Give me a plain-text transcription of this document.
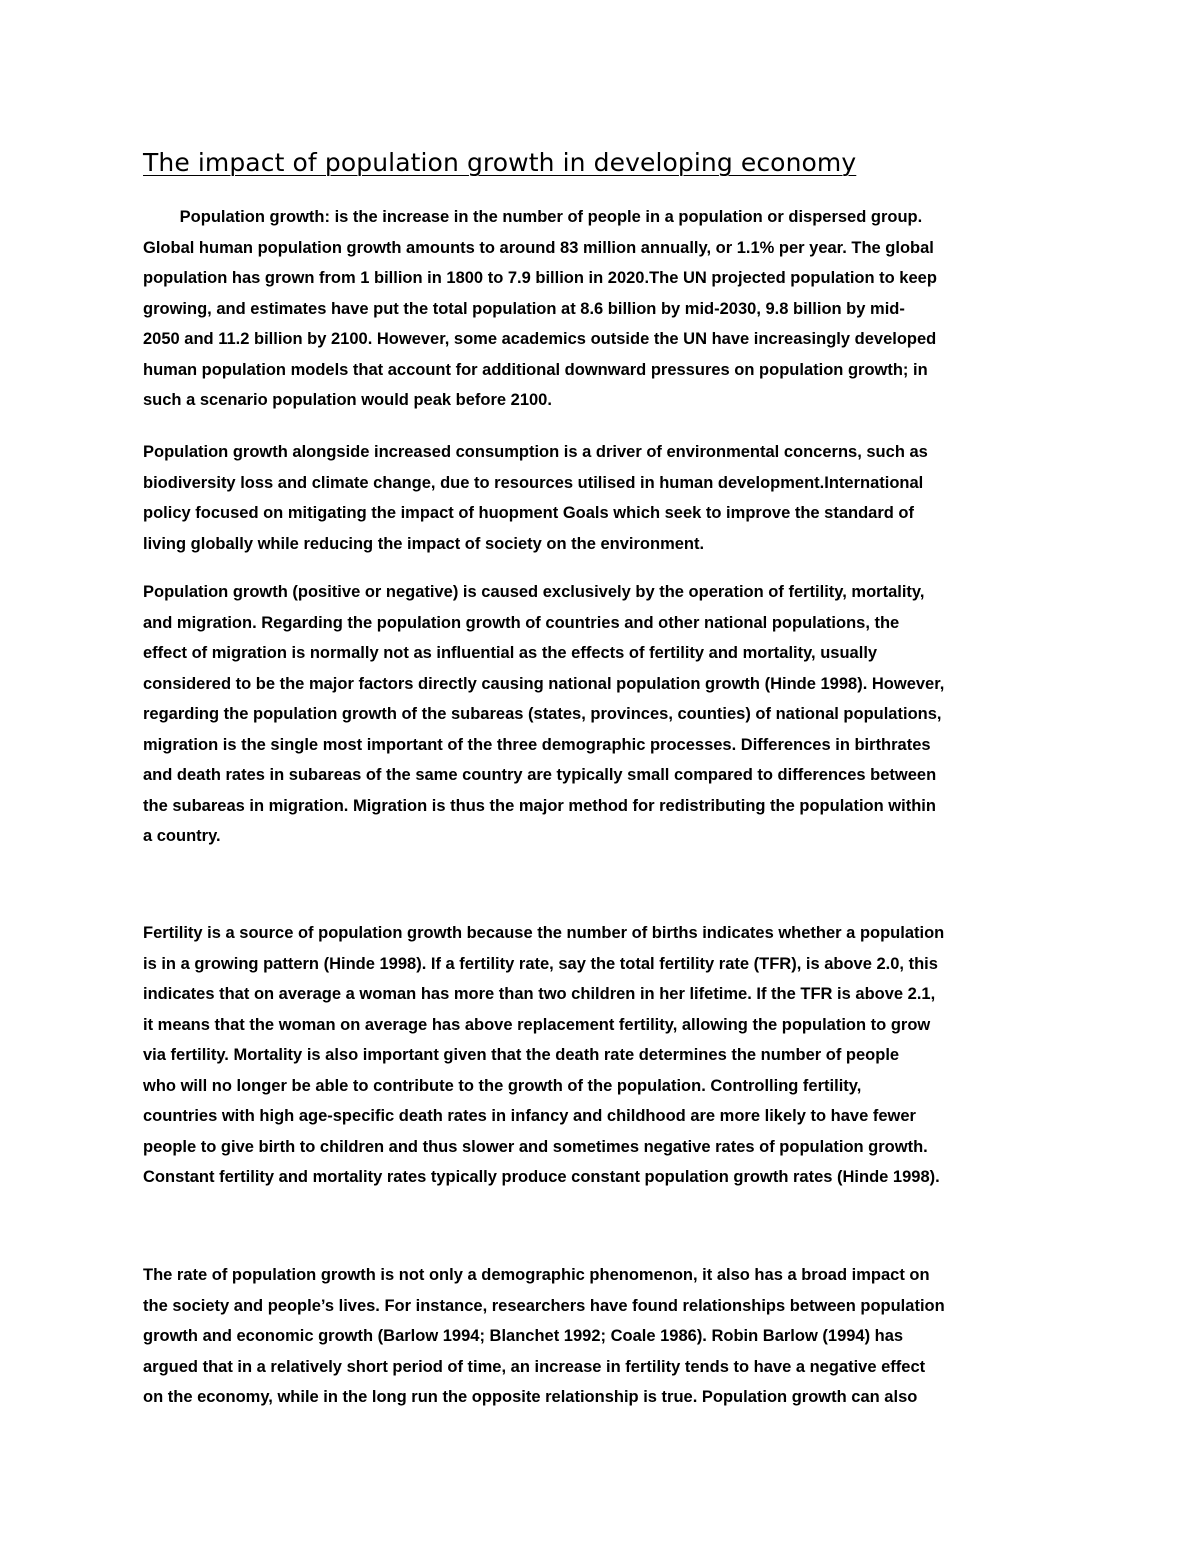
The impact of population growth in developing economy
Population growth: is the increase in the number of people in a population or dispersed group.
Global human population growth amounts to around 83 million annually, or 1.1% per year. The global
population has grown from 1 billion in 1800 to 7.9 billion in 2020.The UN projected population to keep
growing, and estimates have put the total population at 8.6 billion by mid-2030, 9.8 billion by mid-
2050 and 11.2 billion by 2100. However, some academics outside the UN have increasingly developed
human population models that account for additional downward pressures on population growth; in
such a scenario population would peak before 2100.
Population growth alongside increased consumption is a driver of environmental concerns, such as
biodiversity loss and climate change, due to resources utilised in human development.International
policy focused on mitigating the impact of huopment Goals which seek to improve the standard of
living globally while reducing the impact of society on the environment.
Population growth (positive or negative) is caused exclusively by the operation of fertility, mortality,
and migration. Regarding the population growth of countries and other national populations, the
effect of migration is normally not as influential as the effects of fertility and mortality, usually
considered to be the major factors directly causing national population growth (Hinde 1998). However,
regarding the population growth of the subareas (states, provinces, counties) of national populations,
migration is the single most important of the three demographic processes. Differences in birthrates
and death rates in subareas of the same country are typically small compared to differences between
the subareas in migration. Migration is thus the major method for redistributing the population within
a country.
Fertility is a source of population growth because the number of births indicates whether a population
is in a growing pattern (Hinde 1998). If a fertility rate, say the total fertility rate (TFR), is above 2.0, this
indicates that on average a woman has more than two children in her lifetime. If the TFR is above 2.1,
it means that the woman on average has above replacement fertility, allowing the population to grow
via fertility. Mortality is also important given that the death rate determines the number of people
who will no longer be able to contribute to the growth of the population. Controlling fertility,
countries with high age-specific death rates in infancy and childhood are more likely to have fewer
people to give birth to children and thus slower and sometimes negative rates of population growth.
Constant fertility and mortality rates typically produce constant population growth rates (Hinde 1998).
The rate of population growth is not only a demographic phenomenon, it also has a broad impact on
the society and people’s lives. For instance, researchers have found relationships between population
growth and economic growth (Barlow 1994; Blanchet 1992; Coale 1986). Robin Barlow (1994) has
argued that in a relatively short period of time, an increase in fertility tends to have a negative effect
on the economy, while in the long run the opposite relationship is true. Population growth can also
